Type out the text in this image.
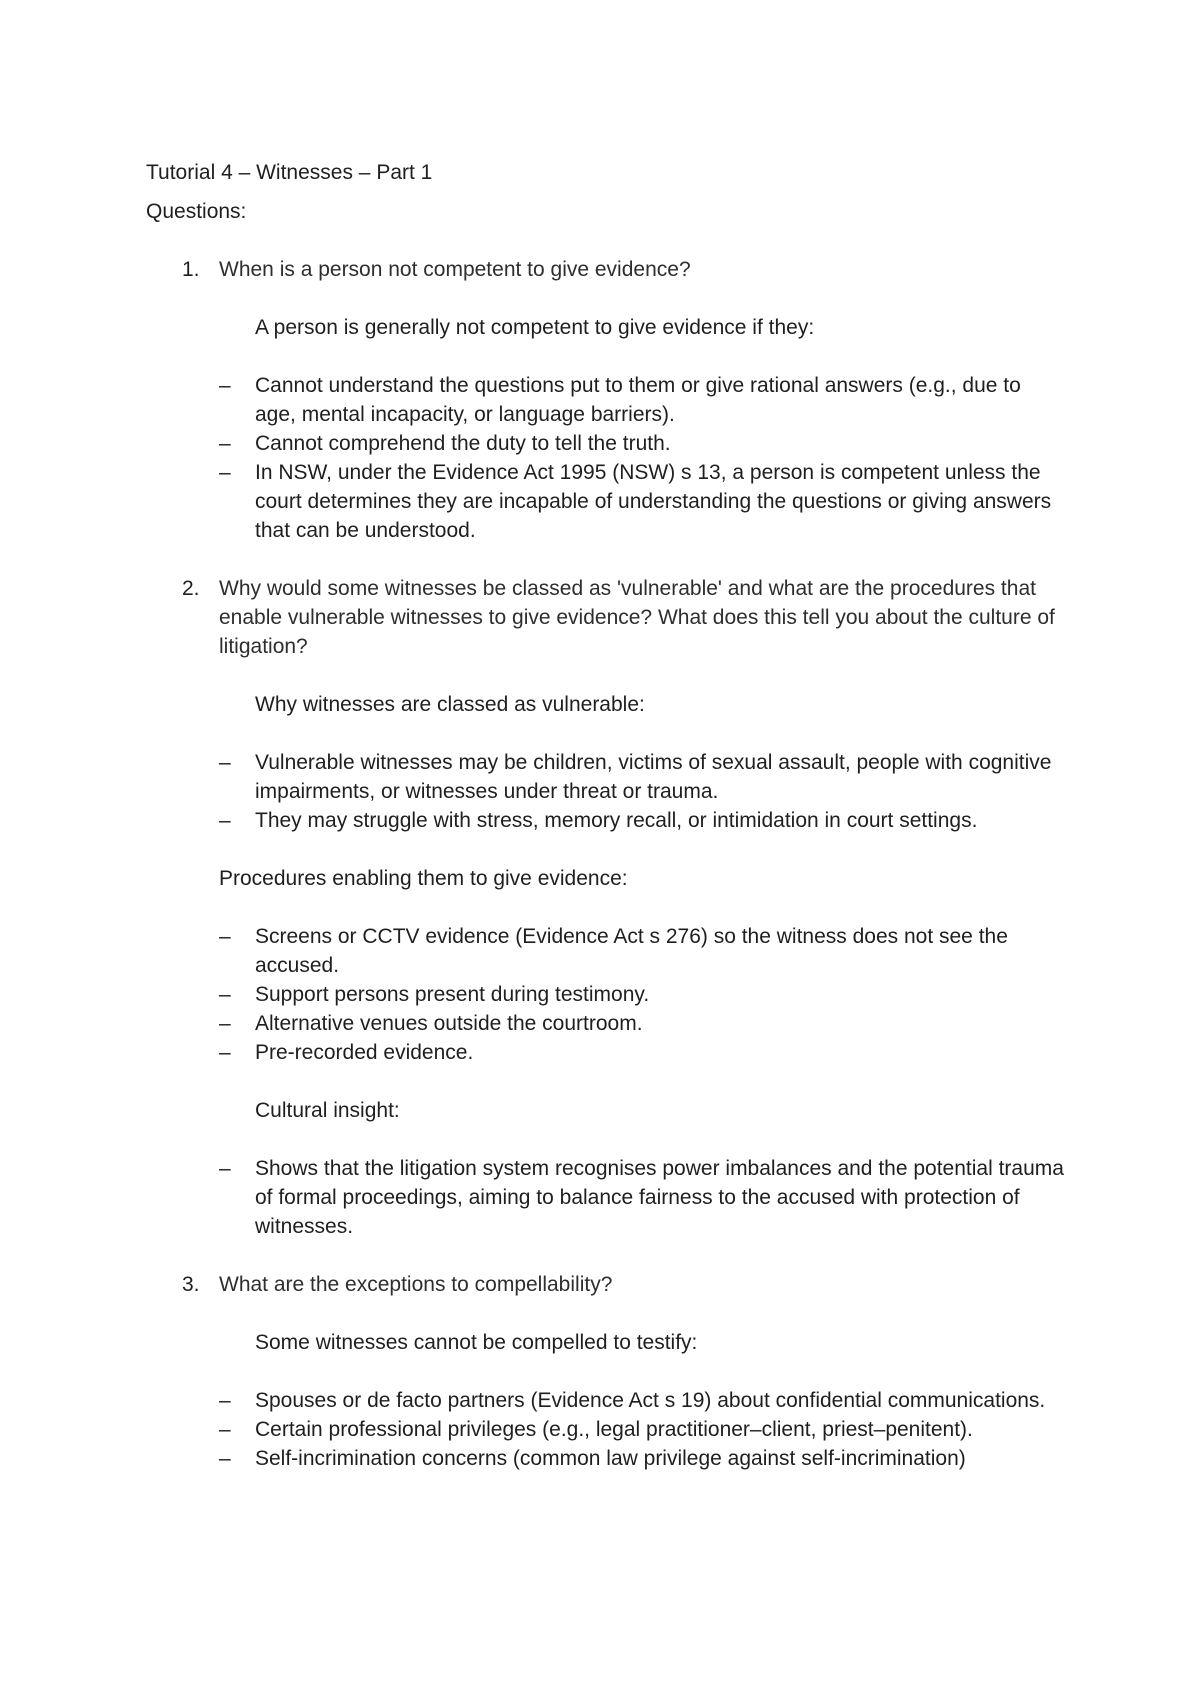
Tutorial 4 – Witnesses – Part 1
Questions:
1. When is a person not competent to give evidence?
A person is generally not competent to give evidence if they:
– Cannot understand the questions put to them or give rational answers (e.g., due to age, mental incapacity, or language barriers).
– Cannot comprehend the duty to tell the truth.
– In NSW, under the Evidence Act 1995 (NSW) s 13, a person is competent unless the court determines they are incapable of understanding the questions or giving answers that can be understood.
2. Why would some witnesses be classed as 'vulnerable' and what are the procedures that enable vulnerable witnesses to give evidence? What does this tell you about the culture of litigation?
Why witnesses are classed as vulnerable:
– Vulnerable witnesses may be children, victims of sexual assault, people with cognitive impairments, or witnesses under threat or trauma.
– They may struggle with stress, memory recall, or intimidation in court settings.
Procedures enabling them to give evidence:
– Screens or CCTV evidence (Evidence Act s 276) so the witness does not see the accused.
– Support persons present during testimony.
– Alternative venues outside the courtroom.
– Pre-recorded evidence.
Cultural insight:
– Shows that the litigation system recognises power imbalances and the potential trauma of formal proceedings, aiming to balance fairness to the accused with protection of witnesses.
3. What are the exceptions to compellability?
Some witnesses cannot be compelled to testify:
– Spouses or de facto partners (Evidence Act s 19) about confidential communications.
– Certain professional privileges (e.g., legal practitioner–client, priest–penitent).
– Self-incrimination concerns (common law privilege against self-incrimination)
